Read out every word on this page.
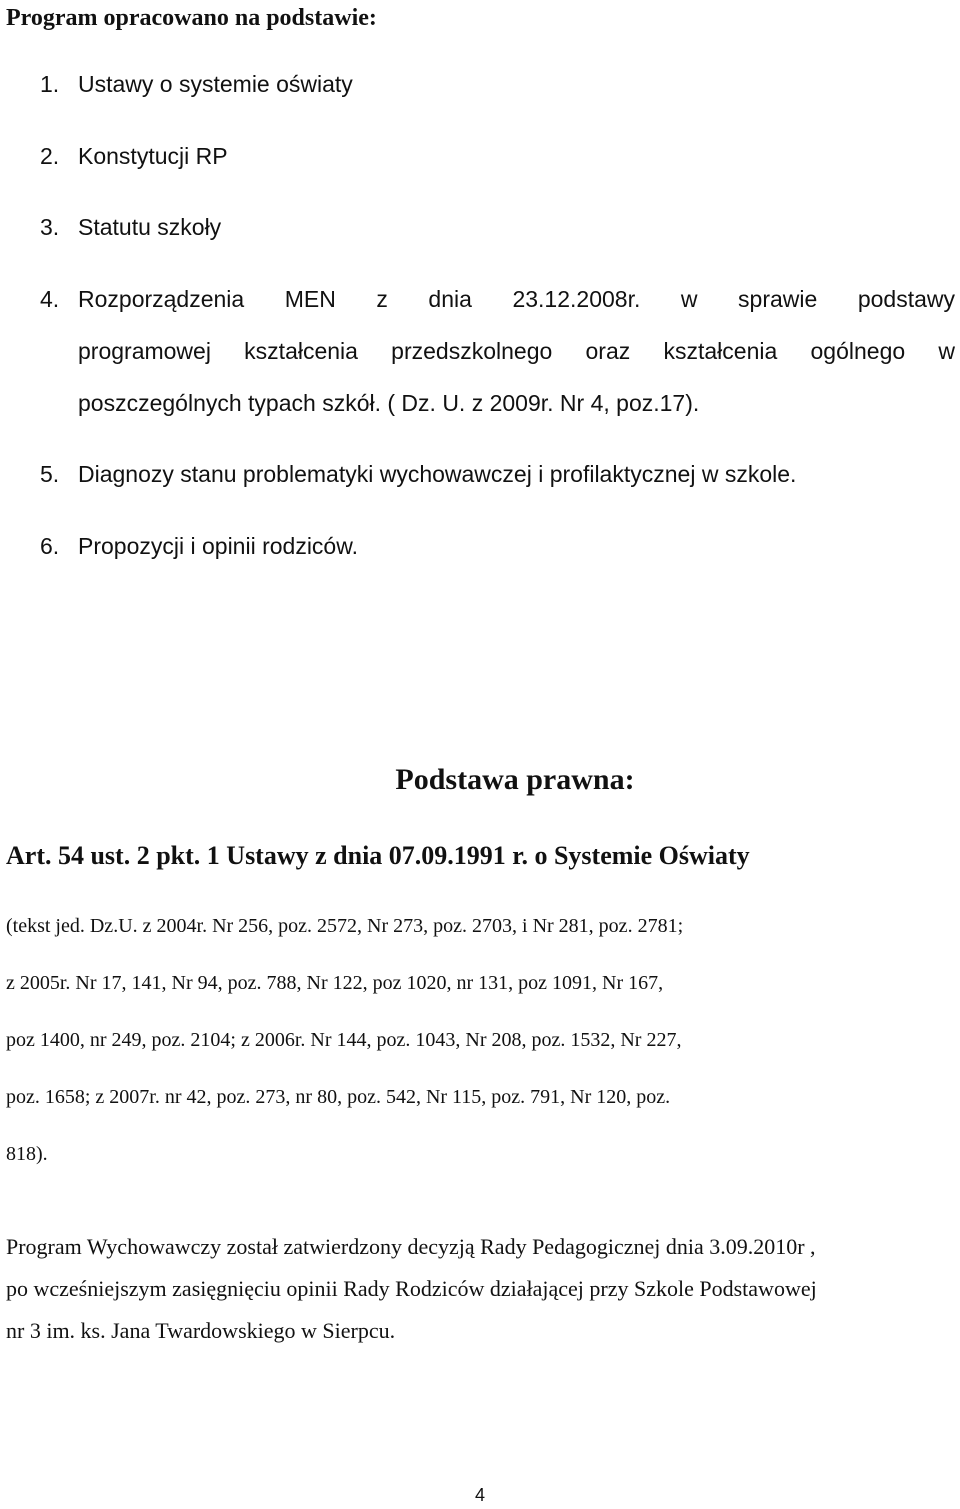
Program opracowano na podstawie:
1. Ustawy o systemie oświaty
2. Konstytucji RP
3. Statutu szkoły
4. Rozporządzenia MEN z dnia 23.12.2008r. w sprawie podstawy
programowej kształcenia przedszkolnego oraz kształcenia ogólnego w
poszczególnych typach szkół. ( Dz. U. z 2009r. Nr 4, poz.17).
5. Diagnozy stanu problematyki wychowawczej i profilaktycznej w szkole.
6. Propozycji i opinii rodziców.
Podstawa prawna:
Art. 54 ust. 2 pkt. 1 Ustawy z dnia 07.09.1991 r. o Systemie Oświaty
(tekst jed. Dz.U. z 2004r. Nr 256, poz. 2572, Nr 273, poz. 2703, i Nr 281, poz. 2781;
z 2005r. Nr 17, 141, Nr 94, poz. 788, Nr 122, poz 1020, nr 131, poz 1091, Nr 167,
poz 1400, nr 249, poz. 2104; z 2006r. Nr 144, poz. 1043, Nr 208, poz. 1532, Nr 227,
poz. 1658; z 2007r. nr 42, poz. 273, nr 80, poz. 542, Nr 115, poz. 791, Nr 120, poz.
818).
Program Wychowawczy został zatwierdzony decyzją Rady Pedagogicznej dnia 3.09.2010r ,
po wcześniejszym zasięgnięciu opinii Rady Rodziców działającej przy Szkole Podstawowej
nr 3 im. ks. Jana Twardowskiego w Sierpcu.
4
